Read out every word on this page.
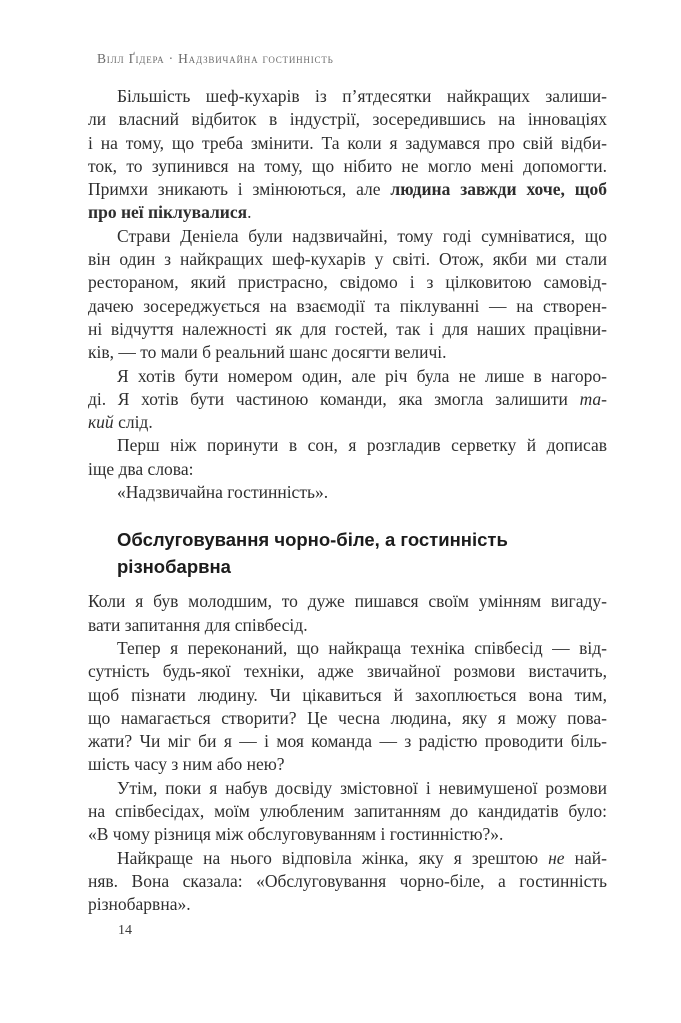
Вілл Ґідера · Надзвичайна гостинність
Більшість шеф-кухарів із п’ятдесятки найкращих залиши-
ли власний відбиток в індустрії, зосередившись на інноваціях
і на тому, що треба змінити. Та коли я задумався про свій відби-
ток, то зупинився на тому, що нібито не могло мені допомогти.
Примхи зникають і змінюються, але людина завжди хоче, щоб
про неї піклувалися.
Страви Деніела були надзвичайні, тому годі сумніватися, що
він один з найкращих шеф-кухарів у світі. Отож, якби ми стали
рестораном, який пристрасно, свідомо і з цілковитою самовід-
дачею зосереджується на взаємодії та піклуванні — на створен-
ні відчуття належності як для гостей, так і для наших працівни-
ків, — то мали б реальний шанс досягти величі.
Я хотів бути номером один, але річ була не лише в нагоро-
ді. Я хотів бути частиною команди, яка змогла залишити та-
кий слід.
Перш ніж поринути в сон, я розгладив серветку й дописав
іще два слова:
«Надзвичайна гостинність».
Обслуговування чорно-біле, а гостинність
різнобарвна
Коли я був молодшим, то дуже пишався своїм умінням вигаду-
вати запитання для співбесід.
Тепер я переконаний, що найкраща техніка співбесід — від-
сутність будь-якої техніки, адже звичайної розмови вистачить,
щоб пізнати людину. Чи цікавиться й захоплюється вона тим,
що намагається створити? Це чесна людина, яку я можу пова-
жати? Чи міг би я — і моя команда — з радістю проводити біль-
шість часу з ним або нею?
Утім, поки я набув досвіду змістовної і невимушеної розмови
на співбесідах, моїм улюбленим запитанням до кандидатів було:
«В чому різниця між обслуговуванням і гостинністю?».
Найкраще на нього відповіла жінка, яку я зрештою не най-
няв. Вона сказала: «Обслуговування чорно-біле, а гостинність
різнобарвна».
14
